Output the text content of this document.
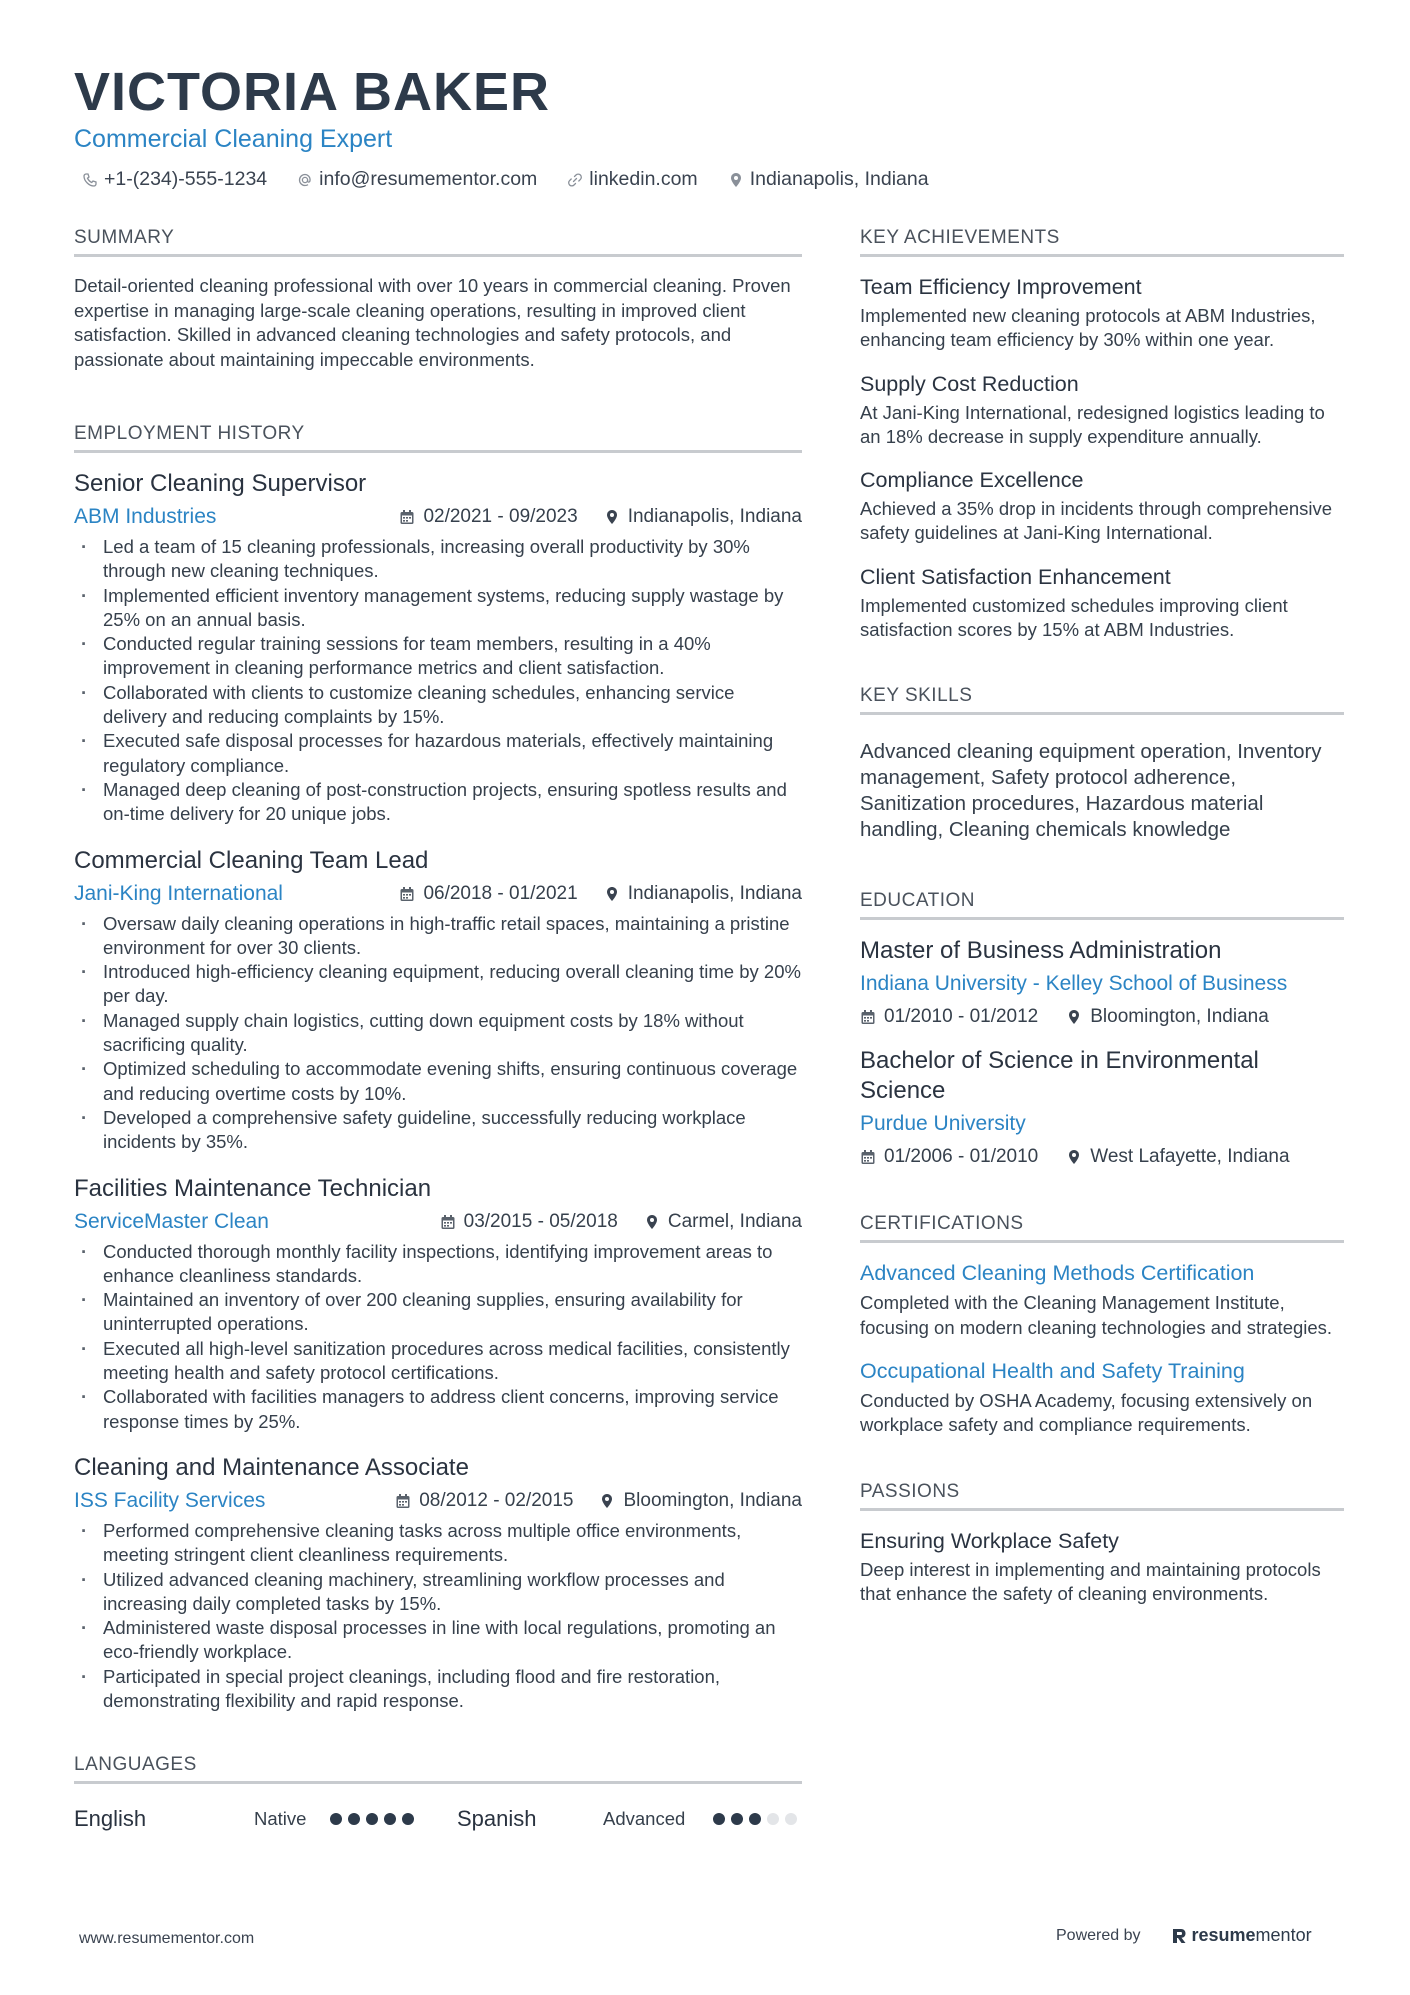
VICTORIA BAKER
Commercial Cleaning Expert
+1-(234)-555-1234	info@resumementor.com	linkedin.com	Indianapolis, Indiana
SUMMARY

Detail-oriented cleaning professional with over 10 years in commercial cleaning. Proven expertise in managing large-scale cleaning operations, resulting in improved client satisfaction. Skilled in advanced cleaning technologies and safety protocols, and passionate about maintaining impeccable environments.

EMPLOYMENT HISTORY
Senior Cleaning Supervisor
ABM Industries	02/2021 - 09/2023	Indianapolis, Indiana
· Led a team of 15 cleaning professionals, increasing overall productivity by 30% through new cleaning techniques.
· Implemented efficient inventory management systems, reducing supply wastage by 25% on an annual basis.
· Conducted regular training sessions for team members, resulting in a 40% improvement in cleaning performance metrics and client satisfaction.
· Collaborated with clients to customize cleaning schedules, enhancing service delivery and reducing complaints by 15%.
· Executed safe disposal processes for hazardous materials, effectively maintaining regulatory compliance.
· Managed deep cleaning of post-construction projects, ensuring spotless results and on-time delivery for 20 unique jobs.
Commercial Cleaning Team Lead
Jani-King International	06/2018 - 01/2021	Indianapolis, Indiana
· Oversaw daily cleaning operations in high-traffic retail spaces, maintaining a pristine environment for over 30 clients.
· Introduced high-efficiency cleaning equipment, reducing overall cleaning time by 20% per day.
· Managed supply chain logistics, cutting down equipment costs by 18% without sacrificing quality.
· Optimized scheduling to accommodate evening shifts, ensuring continuous coverage and reducing overtime costs by 10%.
· Developed a comprehensive safety guideline, successfully reducing workplace incidents by 35%.
Facilities Maintenance Technician
ServiceMaster Clean	03/2015 - 05/2018	Carmel, Indiana
· Conducted thorough monthly facility inspections, identifying improvement areas to enhance cleanliness standards.
· Maintained an inventory of over 200 cleaning supplies, ensuring availability for uninterrupted operations.
· Executed all high-level sanitization procedures across medical facilities, consistently meeting health and safety protocol certifications.
· Collaborated with facilities managers to address client concerns, improving service response times by 25%.
Cleaning and Maintenance Associate
ISS Facility Services	08/2012 - 02/2015	Bloomington, Indiana
· Performed comprehensive cleaning tasks across multiple office environments, meeting stringent client cleanliness requirements.
· Utilized advanced cleaning machinery, streamlining workflow processes and increasing daily completed tasks by 15%.
· Administered waste disposal processes in line with local regulations, promoting an eco-friendly workplace.
· Participated in special project cleanings, including flood and fire restoration, demonstrating flexibility and rapid response.
LANGUAGES
English	Native	Spanish	Advanced
KEY ACHIEVEMENTS
Team Efficiency Improvement
Implemented new cleaning protocols at ABM Industries, enhancing team efficiency by 30% within one year.
Supply Cost Reduction
At Jani-King International, redesigned logistics leading to an 18% decrease in supply expenditure annually.
Compliance Excellence
Achieved a 35% drop in incidents through comprehensive safety guidelines at Jani-King International.
Client Satisfaction Enhancement
Implemented customized schedules improving client satisfaction scores by 15% at ABM Industries.
KEY SKILLS

Advanced cleaning equipment operation, Inventory management, Safety protocol adherence, Sanitization procedures, Hazardous material handling, Cleaning chemicals knowledge

EDUCATION
Master of Business Administration
Indiana University - Kelley School of Business
01/2010 - 01/2012	Bloomington, Indiana
Bachelor of Science in Environmental Science
Purdue University
01/2006 - 01/2010	West Lafayette, Indiana
CERTIFICATIONS
Advanced Cleaning Methods Certification
Completed with the Cleaning Management Institute, focusing on modern cleaning technologies and strategies.
Occupational Health and Safety Training
Conducted by OSHA Academy, focusing extensively on workplace safety and compliance requirements.
PASSIONS
Ensuring Workplace Safety
Deep interest in implementing and maintaining protocols that enhance the safety of cleaning environments.
www.resumementor.com	Powered by	resumementor
